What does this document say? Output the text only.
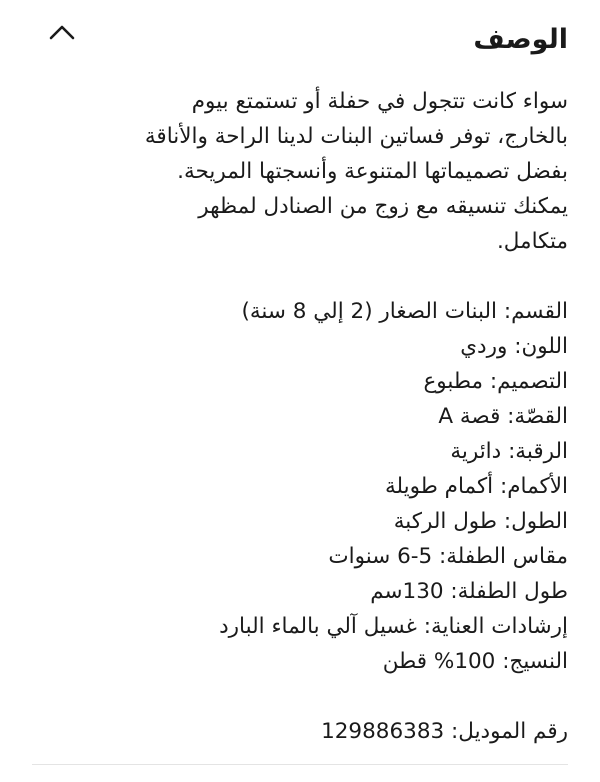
الوصف
سواء كانت تتجول في حفلة أو تستمتع بيوم
بالخارج، توفر فساتين البنات لدينا الراحة والأناقة
بفضل تصميماتها المتنوعة وأنسجتها المريحة.
يمكنك تنسيقه مع زوج من الصنادل لمظهر
متكامل.
القسم: البنات الصغار (2 إلي 8 سنة)
اللون: وردي
التصميم: مطبوع
القصّة: قصة A
الرقبة: دائرية
الأكمام: أكمام طويلة
الطول: طول الركبة
مقاس الطفلة: 5-6 سنوات
طول الطفلة: 130سم
إرشادات العناية: غسيل آلي بالماء البارد
النسيج: 100% قطن
رقم الموديل: 129886383
